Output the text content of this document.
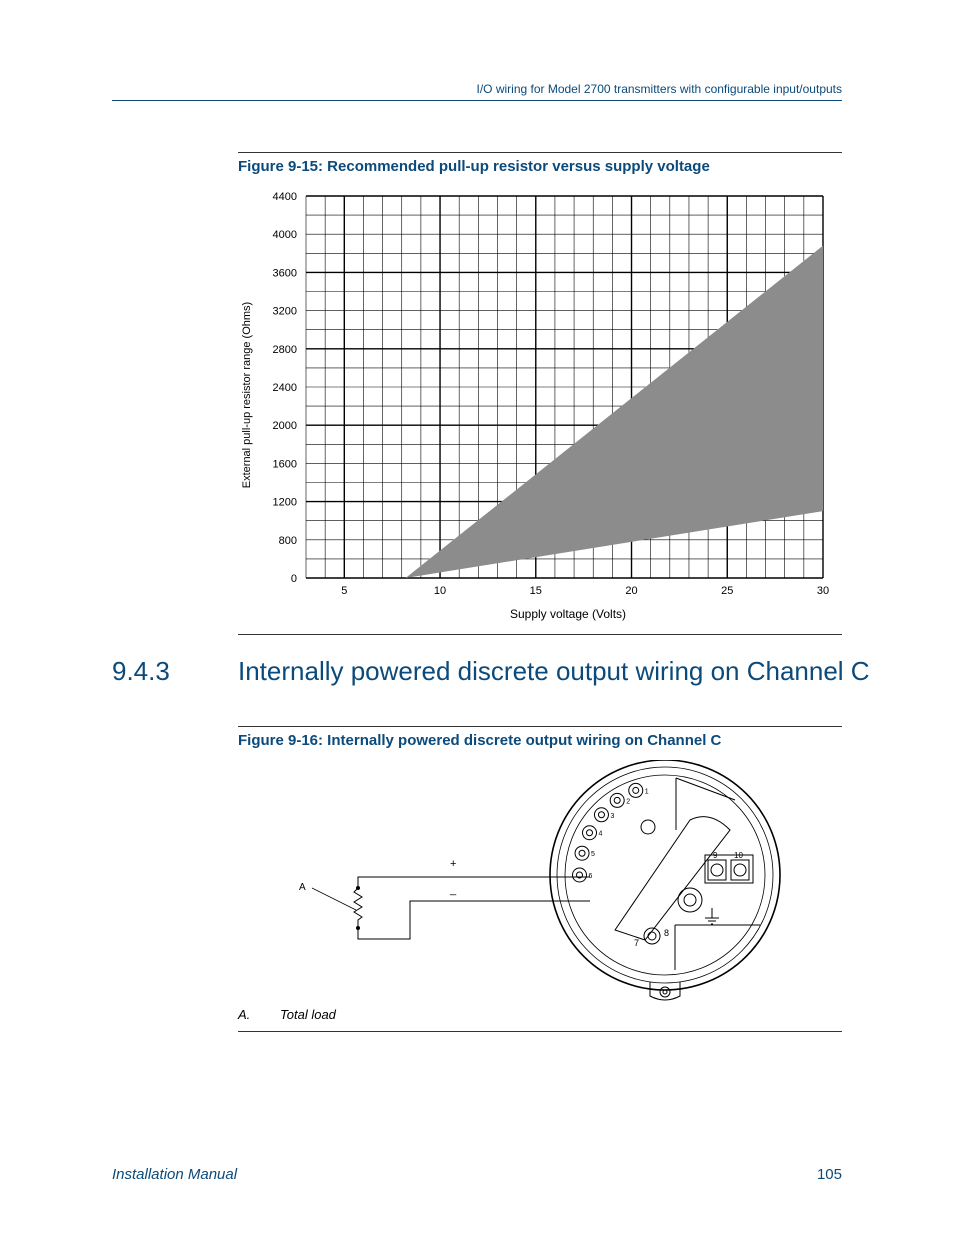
I/O wiring for Model 2700 transmitters with configurable input/outputs
Figure 9-15: Recommended pull-up resistor versus supply voltage
0
800
1200
1600
2000
2400
2800
3200
3600
4000
4400
5	10	15	20	25	30
External pull-up resistor range (Ohms)
Supply voltage (Volts)
9.4.3	Internally powered discrete output wiring on Channel C
Figure 9-16: Internally powered discrete output wiring on Channel C
A
+
_
1
2
3
4
5
6
9 10
7
8
A. Total load
Installation Manual	105
